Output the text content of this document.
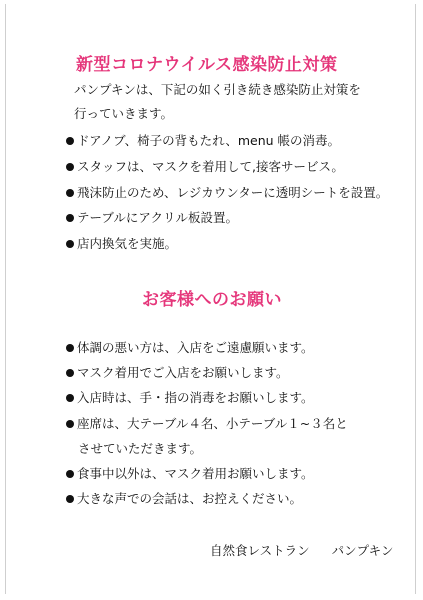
新型コロナウイルス感染防止対策
パンプキンは、下記の如く引き続き感染防止対策を
行っていきます。
ドアノブ、椅子の背もたれ、menu 帳の消毒。
スタッフは、マスクを着用して,接客サービス。
飛沫防止のため、レジカウンターに透明シートを設置。
テーブルにアクリル板設置。
店内換気を実施。
お客様へのお願い
体調の悪い方は、入店をご遠慮願います。
マスク着用でご入店をお願いします。
入店時は、手・指の消毒をお願いします。
座席は、大テーブル４名、小テーブル１~３名と
させていただきます。
食事中以外は、マスク着用お願いします。
大きな声での会話は、お控えください。
自然食レストラン パンプキン
